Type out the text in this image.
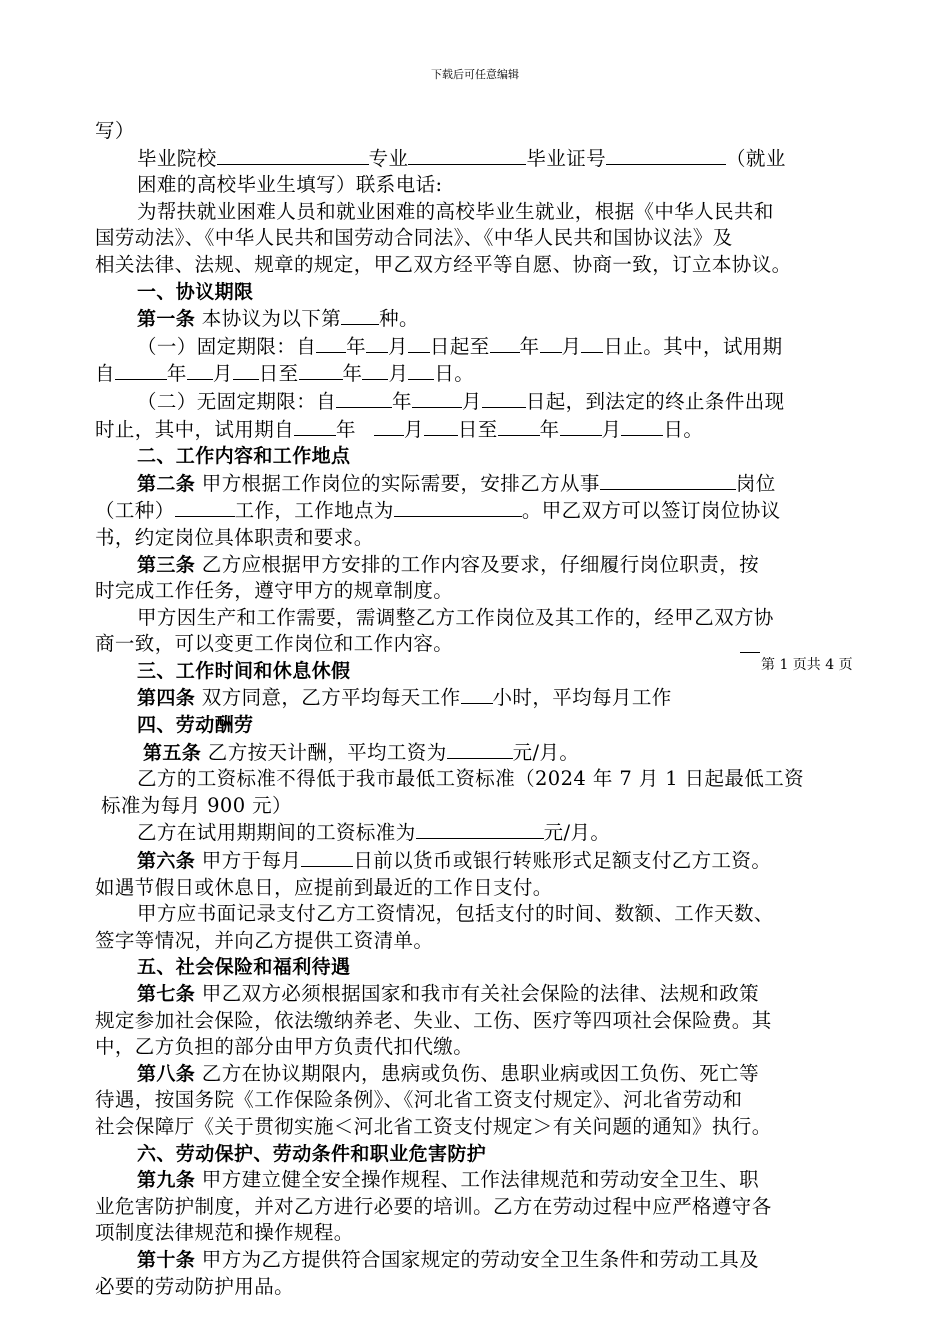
下载后可任意编辑

写）

毕业院校	专业	毕业证号	（就业

困难的高校毕业生填写）联系电话:

为帮扶就业困难人员和就业困难的高校毕业生就业，根据《中华人民共和

国劳动法》、《中华人民共和国劳动合同法》、《中华人民共和国协议法》及

相关法律、法规、规章的规定，甲乙双方经平等自愿、协商一致，订立本协议。

一、协议期限

第一条 本协议为以下第 种。

（一）固定期限：自 年 月 日起至 年 月 日止。其中，试用期

自	年 月 日至 年 月 日。

（二）无固定期限：自	年	月 日起，到法定的终止条件出现

时止，其中，试用期自 年 月 日至 年 月 日。

二、工作内容和工作地点

第二条 甲方根据工作岗位的实际需要，安排乙方从事	岗位

（工种）	工作，工作地点为	。甲乙双方可以签订岗位协议

书，约定岗位具体职责和要求。

第三条 乙方应根据甲方安排的工作内容及要求，仔细履行岗位职责，按

时完成工作任务，遵守甲方的规章制度。

甲方因生产和工作需要，需调整乙方工作岗位及其工作的，经甲乙双方协

商一致，可以变更工作岗位和工作内容。

三、工作时间和休息休假

第四条 双方同意，乙方平均每天工作 小时，平均每月工作

四、劳动酬劳

第五条 乙方按天计酬，平均工资为	元/月。

乙方的工资标准不得低于我市最低工资标准（2024 年 7 月 1 日起最低工资

标准为每月 900 元）

乙方在试用期期间的工资标准为	元/月。

第六条 甲方于每月	日前以货币或银行转账形式足额支付乙方工资。

如遇节假日或休息日，应提前到最近的工作日支付。

甲方应书面记录支付乙方工资情况，包括支付的时间、数额、工作天数、

签字等情况，并向乙方提供工资清单。

五、社会保险和福利待遇

第七条 甲乙双方必须根据国家和我市有关社会保险的法律、法规和政策

规定参加社会保险，依法缴纳养老、失业、工伤、医疗等四项社会保险费。其

中，乙方负担的部分由甲方负责代扣代缴。

第八条 乙方在协议期限内，患病或负伤、患职业病或因工负伤、死亡等

待遇，按国务院《工作保险条例》、《河北省工资支付规定》、河北省劳动和

社会保障厅《关于贯彻实施＜河北省工资支付规定＞有关问题的通知》执行。

六、劳动保护、劳动条件和职业危害防护

第九条 甲方建立健全安全操作规程、工作法律规范和劳动安全卫生、职

业危害防护制度，并对乙方进行必要的培训。乙方在劳动过程中应严格遵守各

项制度法律规范和操作规程。

第十条 甲方为乙方提供符合国家规定的劳动安全卫生条件和劳动工具及

必要的劳动防护用品。

第 1 页共 4 页
